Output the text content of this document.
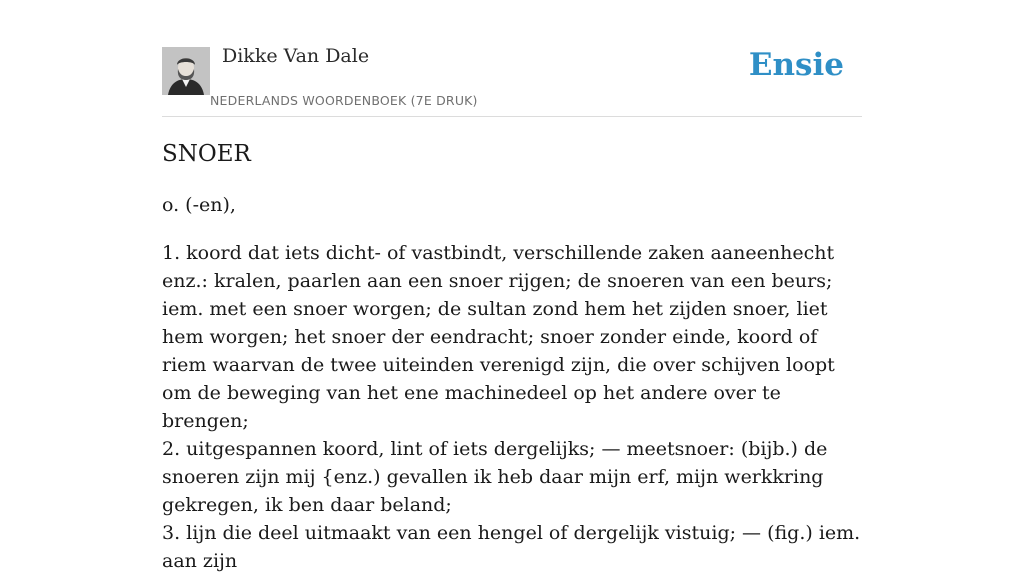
Dikke Van Dale
NEDERLANDS WOORDENBOEK (7E DRUK)
Ensie
SNOER
o. (-en),

1. koord dat iets dicht- of vastbindt, verschillende zaken aaneenhecht enz.: kralen, paarlen aan een snoer rijgen; de snoeren van een beurs; iem. met een snoer worgen; de sultan zond hem het zijden snoer, liet hem worgen; het snoer der eendracht; snoer zonder einde, koord of riem waarvan de twee uiteinden verenigd zijn, die over schijven loopt om de beweging van het ene machinedeel op het andere over te brengen;

2. uitgespannen koord, lint of iets dergelijks; — meetsnoer: (bijb.) de snoeren zijn mij {enz.) gevallen ik heb daar mijn erf, mijn werkkring gekregen, ik ben daar beland;

3. lijn die deel uitmaakt van een hengel of dergelijk vistuig; — (fig.) iem. aan zijn
